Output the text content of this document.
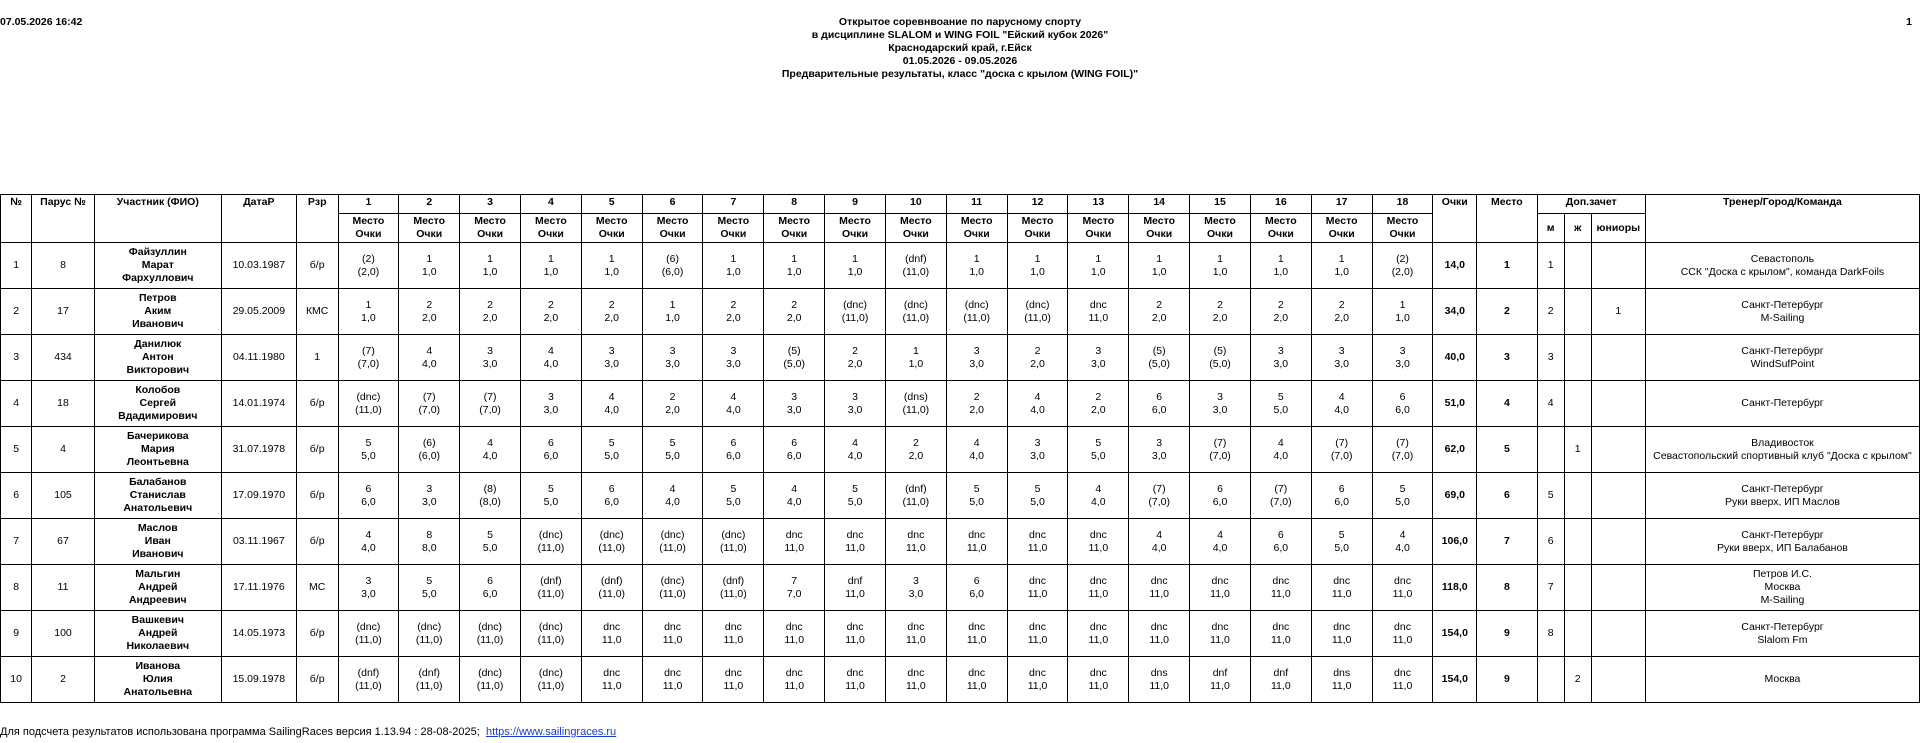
07.05.2026 16:42	1
Открытое соревнвоание по парусному спорту
в дисциплине SLALOM и WING FOIL "Ейский кубок 2026"
Краснодарский край, г.Ейск
01.05.2026 - 09.05.2026
Предварительные результаты, класс "доска с крылом (WING FOIL)"
№	Парус №	Участник (ФИО)	ДатаР	Рзр	1	2	3	4	5	6	7	8	9	10	11	12	13	14	15	16	17	18	Очки	Место	Доп.зачет			Тренер/Город/Команда

					Место
Очки	Место
Очки	Место
Очки	Место
Очки	Место
Очки	Место
Очки	Место
Очки	Место
Очки	Место
Очки	Место
Очки	Место
Очки	Место
Очки	Место
Очки	Место
Очки	Место
Очки	Место
Очки	Место
Очки	Место
Очки			м	ж	юниоры	
1	8	Файзуллин
Марат
Фархуллович	10.03.1987	б/р	(2)
(2,0)	1
1,0	1
1,0	1
1,0	1
1,0	(6)
(6,0)	1
1,0	1
1,0	1
1,0	(dnf)
(11,0)	1
1,0	1
1,0	1
1,0	1
1,0	1
1,0	1
1,0	1
1,0	(2)
(2,0)	14,0	1	1			Севастополь
ССК "Доска с крылом", команда DarkFoils

2	17	Петров
Аким
Иванович	29.05.2009	КМС	1
1,0	2
2,0	2
2,0	2
2,0	2
2,0	1
1,0	2
2,0	2
2,0	(dnc)
(11,0)	(dnc)
(11,0)	(dnc)
(11,0)	(dnc)
(11,0)	dnc
11,0	2
2,0	2
2,0	2
2,0	2
2,0	1
1,0	34,0	2	2		1	Санкт-Петербург
M-Sailing

3	434	Данилюк
Антон
Викторович	04.11.1980	1	(7)
(7,0)	4
4,0	3
3,0	4
4,0	3
3,0	3
3,0	3
3,0	(5)
(5,0)	2
2,0	1
1,0	3
3,0	2
2,0	3
3,0	(5)
(5,0)	(5)
(5,0)	3
3,0	3
3,0	3
3,0	40,0	3	3			Санкт-Петербург
WindSufPoint

4	18	Колобов
Сергей
Вдадимирович	14.01.1974	б/р	(dnc)
(11,0)	(7)
(7,0)	(7)
(7,0)	3
3,0	4
4,0	2
2,0	4
4,0	3
3,0	3
3,0	(dns)
(11,0)	2
2,0	4
4,0	2
2,0	6
6,0	3
3,0	5
5,0	4
4,0	6
6,0	51,0	4	4			Санкт-Петербург

5	4	Бачерикова
Мария
Леонтьевна	31.07.1978	б/р	5
5,0	(6)
(6,0)	4
4,0	6
6,0	5
5,0	5
5,0	6
6,0	6
6,0	4
4,0	2
2,0	4
4,0	3
3,0	5
5,0	3
3,0	(7)
(7,0)	4
4,0	(7)
(7,0)	(7)
(7,0)	62,0	5		1		Владивосток
Севастопольский спортивный клуб "Доска с крылом"

6	105	Балабанов
Станислав
Анатольевич	17.09.1970	б/р	6
6,0	3
3,0	(8)
(8,0)	5
5,0	6
6,0	4
4,0	5
5,0	4
4,0	5
5,0	(dnf)
(11,0)	5
5,0	5
5,0	4
4,0	(7)
(7,0)	6
6,0	(7)
(7,0)	6
6,0	5
5,0	69,0	6	5			Санкт-Петербург
Руки вверх, ИП Маслов

7	67	Маслов
Иван
Иванович	03.11.1967	б/р	4
4,0	8
8,0	5
5,0	(dnc)
(11,0)	(dnc)
(11,0)	(dnc)
(11,0)	(dnc)
(11,0)	dnc
11,0	dnc
11,0	dnc
11,0	dnc
11,0	dnc
11,0	dnc
11,0	4
4,0	4
4,0	6
6,0	5
5,0	4
4,0	106,0	7	6			Санкт-Петербург
Руки вверх, ИП Балабанов

8	11	Мальгин
Андрей
Андреевич	17.11.1976	МС	3
3,0	5
5,0	6
6,0	(dnf)
(11,0)	(dnf)
(11,0)	(dnc)
(11,0)	(dnf)
(11,0)	7
7,0	dnf
11,0	3
3,0	6
6,0	dnc
11,0	dnc
11,0	dnc
11,0	dnc
11,0	dnc
11,0	dnc
11,0	dnc
11,0	118,0	8	7			Петров И.С.
Москва
M-Sailing

9	100	Вашкевич
Андрей
Николаевич	14.05.1973	б/р	(dnc)
(11,0)	(dnc)
(11,0)	(dnc)
(11,0)	(dnc)
(11,0)	dnc
11,0	dnc
11,0	dnc
11,0	dnc
11,0	dnc
11,0	dnc
11,0	dnc
11,0	dnc
11,0	dnc
11,0	dnc
11,0	dnc
11,0	dnc
11,0	dnc
11,0	dnc
11,0	154,0	9	8			Санкт-Петербург
Slalom Fm

10	2	Иванова
Юлия
Анатольевна	15.09.1978	б/р	(dnf)
(11,0)	(dnf)
(11,0)	(dnc)
(11,0)	(dnc)
(11,0)	dnc
11,0	dnc
11,0	dnc
11,0	dnc
11,0	dnc
11,0	dnc
11,0	dnc
11,0	dnc
11,0	dnc
11,0	dns
11,0	dnf
11,0	dnf
11,0	dns
11,0	dnc
11,0	154,0	9		2		Москва
Для подсчета результатов использована программа SailingRaces версия 1.13.94 : 28-08-2025; https://www.sailingraces.ru
